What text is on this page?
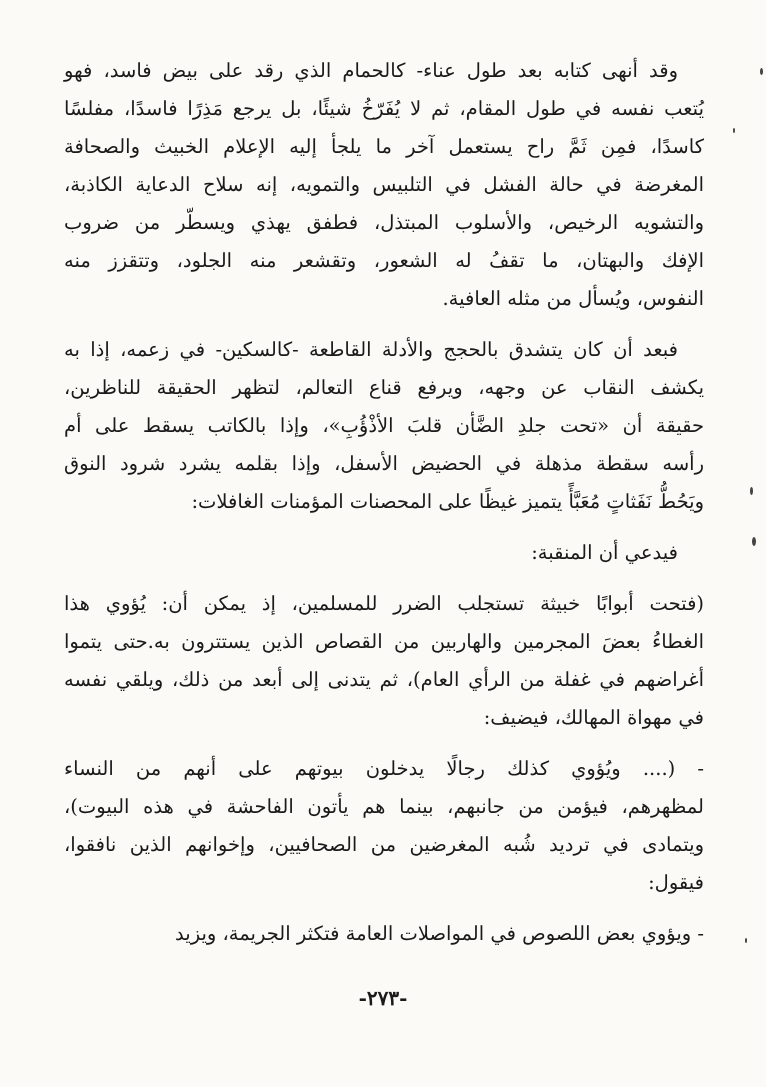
وقد أنهى كتابه بعد طول عناء- كالحمام الذي رقد على بيض فاسد، فهو
يُتعب نفسه في طول المقام، ثم لا يُفَرّخُ شيئًا، بل يرجع مَذِرًا فاسدًا، مفلسًا
كاسدًا، فمِن ثَمَّ راح يستعمل آخر ما يلجأ إليه الإعلام الخبيث والصحافة
المغرضة في حالة الفشل في التلبيس والتمويه، إنه سلاح الدعاية الكاذبة،
والتشويه الرخيص، والأسلوب المبتذل، فطفق يهذي ويسطّر من ضروب
الإفك والبهتان، ما تقفُ له الشعور، وتقشعر منه الجلود، وتتقزز منه
النفوس، ويُسأل من مثله العافية.
فبعد أن كان يتشدق بالحجج والأدلة القاطعة -كالسكين- في زعمه، إذا به
يكشف النقاب عن وجهه، ويرفع قناع التعالم، لتظهر الحقيقة للناظرين،
حقيقة أن «تحت جلدِ الضَّأن قلبَ الأذْؤُبِ»، وإذا بالكاتب يسقط على أم
رأسه سقطة مذهلة في الحضيض الأسفل، وإذا بقلمه يشرد شرود النوق
ويَحُطُّ نَفَثاتٍ مُعَبَّأً يتميز غيظًا على المحصنات المؤمنات الغافلات:
فيدعي أن المنقبة:
(فتحت أبوابًا خبيثة تستجلب الضرر للمسلمين، إذ يمكن أن: يُؤوي هذا
الغطاءُ بعضَ المجرمين والهاربين من القصاص الذين يستترون به.حتى يتموا
أغراضهم في غفلة من الرأي العام)، ثم يتدنى إلى أبعد من ذلك، ويلقي نفسه
في مهواة المهالك، فيضيف:
- (.... ويُؤوي كذلك رجالًا يدخلون بيوتهم على أنهم من النساء
لمظهرهم، فيؤمن من جانبهم، بينما هم يأتون الفاحشة في هذه البيوت)،
ويتمادى في ترديد شُبه المغرضين من الصحافيين، وإخوانهم الذين نافقوا،
فيقول:
- ويؤوي بعض اللصوص في المواصلات العامة فتكثر الجريمة، ويزيد
-٢٧٣-
